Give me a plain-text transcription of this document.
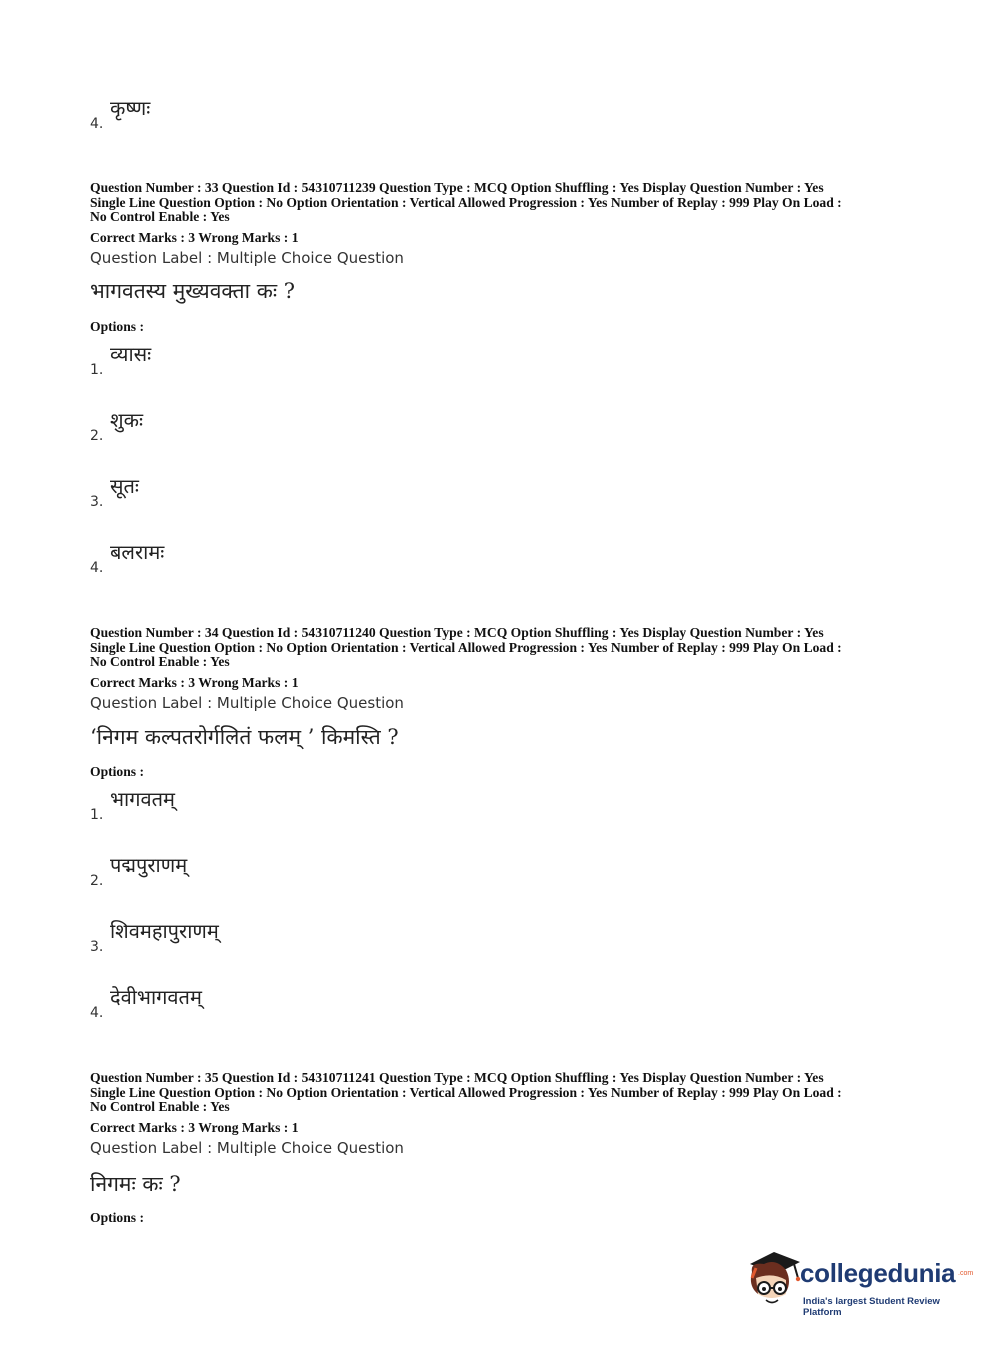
4.
कृष्णः
Question Number : 33 Question Id : 54310711239 Question Type : MCQ Option Shuffling : Yes Display Question Number : Yes
Single Line Question Option : No Option Orientation : Vertical Allowed Progression : Yes Number of Replay : 999 Play On Load :
No Control Enable : Yes
Correct Marks : 3 Wrong Marks : 1
Question Label : Multiple Choice Question
भागवतस्य मुख्यवक्ता कः ?
Options :
1.
व्यासः
2.
शुकः
3.
सूतः
4.
बलरामः
Question Number : 34 Question Id : 54310711240 Question Type : MCQ Option Shuffling : Yes Display Question Number : Yes
Single Line Question Option : No Option Orientation : Vertical Allowed Progression : Yes Number of Replay : 999 Play On Load :
No Control Enable : Yes
Correct Marks : 3 Wrong Marks : 1
Question Label : Multiple Choice Question
‘निगम कल्पतरोर्गलितं फलम् ’ किमस्ति ?
Options :
1.
भागवतम्
2.
पद्मपुराणम्
3.
शिवमहापुराणम्
4.
देवीभागवतम्
Question Number : 35 Question Id : 54310711241 Question Type : MCQ Option Shuffling : Yes Display Question Number : Yes
Single Line Question Option : No Option Orientation : Vertical Allowed Progression : Yes Number of Replay : 999 Play On Load :
No Control Enable : Yes
Correct Marks : 3 Wrong Marks : 1
Question Label : Multiple Choice Question
निगमः कः ?
Options :
collegedunia .com
India's largest Student Review Platform
